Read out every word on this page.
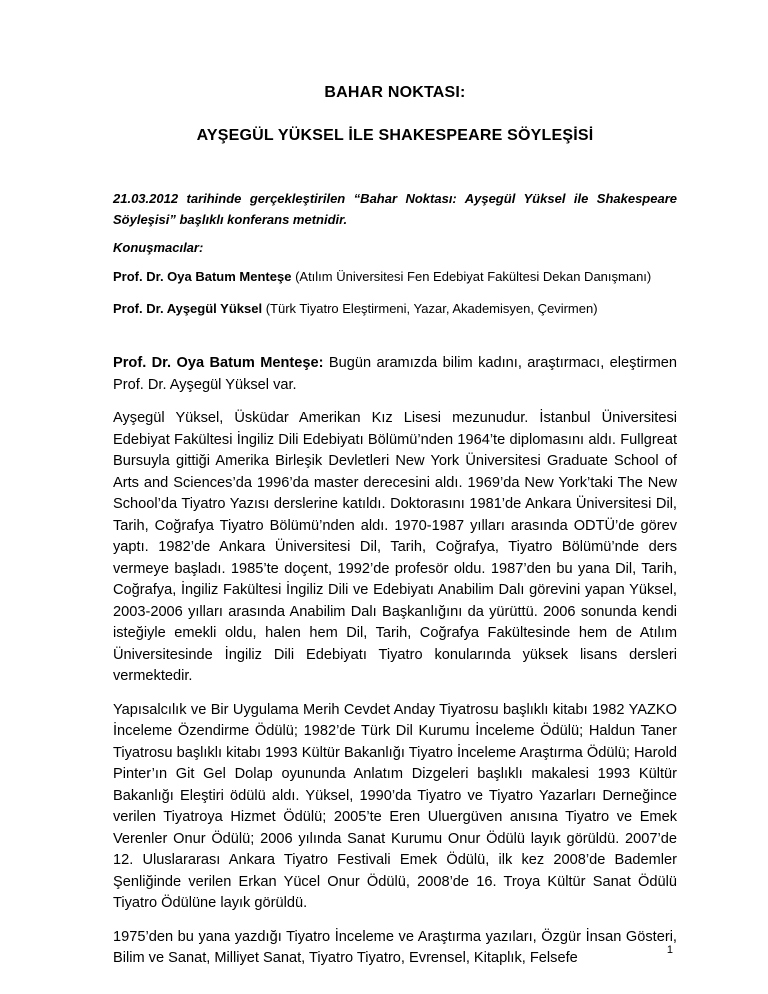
BAHAR NOKTASI:
AYŞEGÜL YÜKSEL İLE SHAKESPEARE SÖYLEŞİSİ

21.03.2012 tarihinde gerçekleştirilen “Bahar Noktası: Ayşegül Yüksel ile Shakespeare Söyleşisi” başlıklı konferans metnidir.

Konuşmacılar:

Prof. Dr. Oya Batum Menteşe (Atılım Üniversitesi Fen Edebiyat Fakültesi Dekan Danışmanı)

Prof. Dr. Ayşegül Yüksel (Türk Tiyatro Eleştirmeni, Yazar, Akademisyen, Çevirmen)

Prof. Dr. Oya Batum Menteşe: Bugün aramızda bilim kadını, araştırmacı, eleştirmen Prof. Dr. Ayşegül Yüksel var.

Ayşegül Yüksel, Üsküdar Amerikan Kız Lisesi mezunudur. İstanbul Üniversitesi Edebiyat Fakültesi İngiliz Dili Edebiyatı Bölümü’nden 1964’te diplomasını aldı. Fullgreat Bursuyla gittiği Amerika Birleşik Devletleri New York Üniversitesi Graduate School of Arts and Sciences’da 1996’da master derecesini aldı. 1969’da New York’taki The New School’da Tiyatro Yazısı derslerine katıldı. Doktorasını 1981’de Ankara Üniversitesi Dil, Tarih, Coğrafya Tiyatro Bölümü’nden aldı. 1970-1987 yılları arasında ODTÜ’de görev yaptı. 1982’de Ankara Üniversitesi Dil, Tarih, Coğrafya, Tiyatro Bölümü’nde ders vermeye başladı. 1985’te doçent, 1992’de profesör oldu. 1987’den bu yana Dil, Tarih, Coğrafya, İngiliz Fakültesi İngiliz Dili ve Edebiyatı Anabilim Dalı görevini yapan Yüksel, 2003-2006 yılları arasında Anabilim Dalı Başkanlığını da yürüttü. 2006 sonunda kendi isteğiyle emekli oldu, halen hem Dil, Tarih, Coğrafya Fakültesinde hem de Atılım Üniversitesinde İngiliz Dili Edebiyatı Tiyatro konularında yüksek lisans dersleri vermektedir.

Yapısalcılık ve Bir Uygulama Merih Cevdet Anday Tiyatrosu başlıklı kitabı 1982 YAZKO İnceleme Özendirme Ödülü; 1982’de Türk Dil Kurumu İnceleme Ödülü; Haldun Taner Tiyatrosu başlıklı kitabı 1993 Kültür Bakanlığı Tiyatro İnceleme Araştırma Ödülü; Harold Pinter’ın Git Gel Dolap oyununda Anlatım Dizgeleri başlıklı makalesi 1993 Kültür Bakanlığı Eleştiri ödülü aldı. Yüksel, 1990’da Tiyatro ve Tiyatro Yazarları Derneğince verilen Tiyatroya Hizmet Ödülü; 2005’te Eren Uluergüven anısına Tiyatro ve Emek Verenler Onur Ödülü; 2006 yılında Sanat Kurumu Onur Ödülü layık görüldü. 2007’de 12. Uluslararası Ankara Tiyatro Festivali Emek Ödülü, ilk kez 2008’de Bademler Şenliğinde verilen Erkan Yücel Onur Ödülü, 2008’de 16. Troya Kültür Sanat Ödülü Tiyatro Ödülüne layık görüldü.

1975’den bu yana yazdığı Tiyatro İnceleme ve Araştırma yazıları, Özgür İnsan Gösteri, Bilim ve Sanat, Milliyet Sanat, Tiyatro Tiyatro, Evrensel, Kitaplık, Felsefe	1
